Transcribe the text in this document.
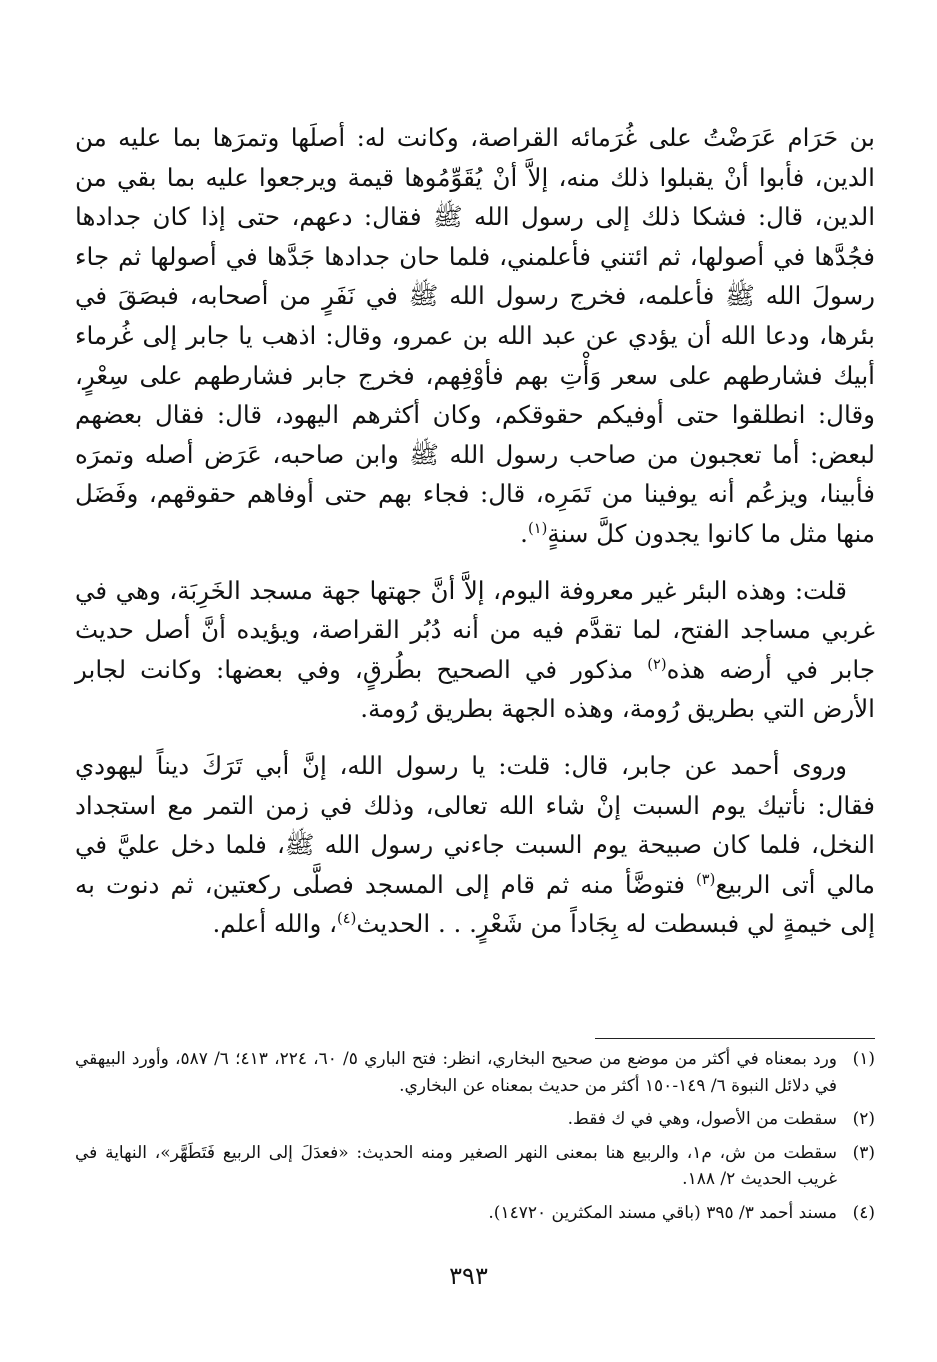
بن حَرَام عَرَضْتُ على غُرَمائه القراصة، وكانت له: أصلَها وتمرَها بما عليه من الدين، فأبوا أنْ يقبلوا ذلك منه، إلاَّ أنْ يُقَوِّمُوها قيمة ويرجعوا عليه بما بقي من الدين، قال: فشكا ذلك إلى رسول الله ﷺ فقال: دعهم، حتى إذا كان جدادها فجُدَّها في أصولها، ثم ائتني فأعلمني، فلما حان جدادها جَدَّها في أصولها ثم جاء رسولَ الله ﷺ فأعلمه، فخرج رسول الله ﷺ في نَفَرٍ من أصحابه، فبصَقَ في بئرها، ودعا الله أن يؤدي عن عبد الله بن عمرو، وقال: اذهب يا جابر إلى غُرماء أبيك فشارطهم على سعر وَأْتِ بهم فأوْفِهم، فخرج جابر فشارطهم على سِعْرٍ، وقال: انطلقوا حتى أوفيكم حقوقكم، وكان أكثرهم اليهود، قال: فقال بعضهم لبعض: أما تعجبون من صاحب رسول الله ﷺ وابن صاحبه، عَرَض أصله وتمرَه فأبينا، ويزعُم أنه يوفينا من تَمَرِه، قال: فجاء بهم حتى أوفاهم حقوقهم، وفَضَل منها مثل ما كانوا يجدون كلَّ سنةٍ$^{(١)}$.

قلت: وهذه البئر غير معروفة اليوم، إلاَّ أنَّ جهتها جهة مسجد الخَرِبَة، وهي في غربي مساجد الفتح، لما تقدَّم فيه من أنه دُبُر القراصة، ويؤيده أنَّ أصل حديث جابر في أرضه هذه$^{(٢)}$ مذكور في الصحيح بطُرقٍ، وفي بعضها: وكانت لجابر الأرض التي بطريق رُومة، وهذه الجهة بطريق رُومة.

وروى أحمد عن جابر، قال: قلت: يا رسول الله، إنَّ أبي تَرَكَ ديناً ليهودي فقال: نأتيك يوم السبت إنْ شاء الله تعالى، وذلك في زمن التمر مع استجداد النخل، فلما كان صبيحة يوم السبت جاءني رسول الله ﷺ، فلما دخل عليَّ في مالي أتى الربيع$^{(٣)}$ فتوضَّأ منه ثم قام إلى المسجد فصلَّى ركعتين، ثم دنوت به إلى خيمةٍ لي فبسطت له بِجَاداً من شَعْرٍ. . . الحديث$^{(٤)}$، والله أعلم.

(١)
ورد بمعناه في أكثر من موضع من صحيح البخاري، انظر: فتح الباري ٥/ ٦٠، ٢٢٤، ٤١٣؛ ٦/ ٥٨٧، وأورد البيهقي في دلائل النبوة ٦/ ١٤٩-١٥٠ أكثر من حديث بمعناه عن البخاري.
(٢)
سقطت من الأصول، وهي في ك فقط.
(٣)
سقطت من ش، م١، والربيع هنا بمعنى النهر الصغير ومنه الحديث: «فعدَلَ إلى الربيع فَتَطَهَّر»، النهاية في غريب الحديث ٢/ ١٨٨.
(٤)
مسند أحمد ٣/ ٣٩٥ (باقي مسند المكثرين ١٤٧٢٠).
٣٩٣
